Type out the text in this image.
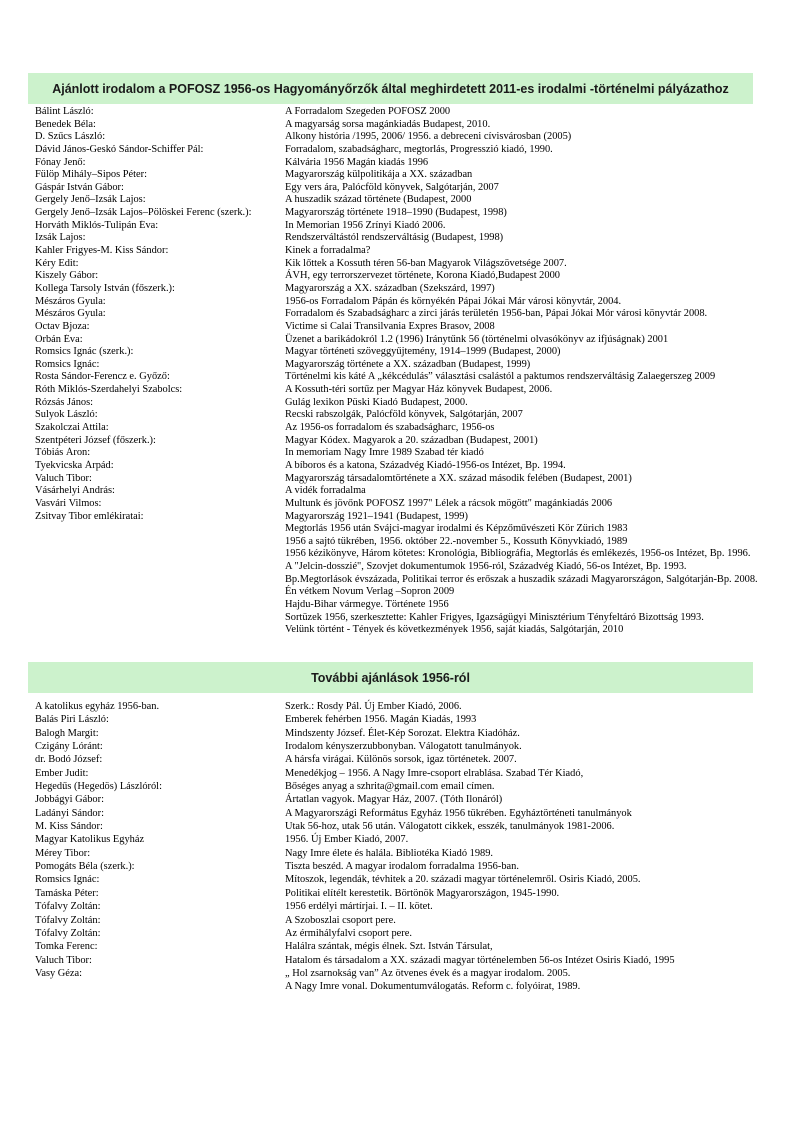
Ajánlott irodalom a POFOSZ 1956-os Hagyományőrzők által meghirdetett 2011-es irodalmi -történelmi pályázathoz
Bálint László:	A Forradalom Szegeden POFOSZ 2000
Benedek Béla:	A magyarság sorsa magánkiadás Budapest, 2010.
D. Szűcs László:	Alkony história /1995, 2006/ 1956. a debreceni cívisvárosban (2005)
Dávid János-Geskó Sándor-Schiffer Pál:	Forradalom, szabadságharc, megtorlás, Progresszió kiadó, 1990.
Fónay Jenő:	Kálvária 1956 Magán kiadás 1996
Fülöp Mihály–Sipos Péter:	Magyarország külpolitikája a XX. században
Gáspár István Gábor:	Egy vers ára, Palócföld könyvek, Salgótarján, 2007
Gergely Jenő–Izsák Lajos:	A huszadik század története (Budapest, 2000
Gergely Jenő–Izsák Lajos–Pölöskei Ferenc (szerk.):	Magyarország története 1918–1990 (Budapest, 1998)
Horváth Miklós-Tulipán Éva:	In Memorian 1956 Zrínyi Kiadó 2006.
Izsák Lajos:	Rendszerváltástól rendszerváltásig (Budapest, 1998)
Kahler Frigyes-M. Kiss Sándor:	Kinek a forradalma?
Kéry Edit:	Kik lőttek a Kossuth téren 56-ban Magyarok Világszövetsége 2007.
Kiszely Gábor:	ÁVH, egy terrorszervezet története, Korona Kiadó,Budapest 2000
Kollega Tarsoly István (főszerk.):	Magyarország a XX. században (Szekszárd, 1997)
Mészáros Gyula:	1956-os Forradalom Pápán és környékén Pápai Jókai Már városi könyvtár, 2004.
Mészáros Gyula:	Forradalom és Szabadságharc a zirci járás területén 1956-ban, Pápai Jókai Mór városi könyvtár 2008.
Octav Bjoza:	Victime si Calai Transilvania Expres Brasov, 2008
Orbán Éva:	Üzenet a barikádokról 1.2 (1996) Iránytűnk 56 (történelmi olvasókönyv az ifjúságnak) 2001
Romsics Ignác (szerk.):	Magyar történeti szöveggyűjtemény, 1914–1999 (Budapest, 2000)
Romsics Ignác:	Magyarország története a XX. században (Budapest, 1999)
Rosta Sándor-Ferencz e. Győző:	Történelmi kis káté A „kékcédulás” választási csalástól a paktumos rendszerváltásig Zalaegerszeg 2009
Róth Miklós-Szerdahelyi Szabolcs:	A Kossuth-téri sortűz per Magyar Ház könyvek Budapest, 2006.
Rózsás János:	Gulág lexikon Püski Kiadó Budapest, 2000.
Sulyok László:	Recski rabszolgák, Palócföld könyvek, Salgótarján, 2007
Szakolczai Attila:	Az 1956-os forradalom és szabadságharc, 1956-os
Szentpéteri József (főszerk.):	Magyar Kódex. Magyarok a 20. században (Budapest, 2001)
Tóbiás Áron:	In memoriam Nagy Imre 1989 Szabad tér kiadó
Tyekvicska Árpád:	A bíboros és a katona, Századvég Kiadó-1956-os Intézet, Bp. 1994.
Valuch Tibor:	Magyarország társadalomtörténete a XX. század második felében (Budapest, 2001)
Vásárhelyi András:	A vidék forradalma
Vasvári Vilmos:	Multunk és jövőnk POFOSZ 1997" Lélek a rácsok mögött" magánkiadás 2006
Zsitvay Tibor emlékiratai:	Magyarország 1921–1941 (Budapest, 1999)
Megtorlás 1956 után Svájci-magyar irodalmi és Képzőművészeti Kör Zürich 1983
1956 a sajtó tükrében, 1956. október 22.-november 5., Kossuth Könyvkiadó, 1989
1956 kézikönyve, Három kötetes: Kronológia, Bibliográfia, Megtorlás és emlékezés, 1956-os Intézet, Bp. 1996.
A "Jelcin-dosszié", Szovjet dokumentumok 1956-ról, Századvég Kiadó, 56-os Intézet, Bp. 1993.
Bp.Megtorlások évszázada, Politikai terror és erőszak a huszadik századi Magyarországon, Salgótarján-Bp. 2008.
Én vétkem Novum Verlag –Sopron 2009
Hajdu-Bihar vármegye. Története 1956
Sortüzek 1956, szerkesztette: Kahler Frigyes, Igazságügyi Minisztérium Tényfeltáró Bizottság 1993.
Velünk történt - Tények és következmények 1956, saját kiadás, Salgótarján, 2010
További ajánlások 1956-ról
A katolikus egyház 1956-ban.	Szerk.: Rosdy Pál. Új Ember Kiadó, 2006.
Balás Piri László:	Emberek fehérben 1956. Magán Kiadás, 1993
Balogh Margit:	Mindszenty József. Élet-Kép Sorozat. Elektra Kiadóház.
Czigány Lóránt:	Irodalom kényszerzubbonyban. Válogatott tanulmányok.
dr. Bodó József:	A hársfa virágai. Különös sorsok, igaz történetek. 2007.
Ember Judit:	Menedékjog – 1956. A Nagy Imre-csoport elrablása. Szabad Tér Kiadó,
Hegedűs (Hegedös) Lászlóról:	Bőséges anyag a szhrita@gmail.com email címen.
Jobbágyi Gábor:	Ártatlan vagyok. Magyar Ház, 2007. (Tóth Ilonáról)
Ladányi Sándor:	A Magyarországi Református Egyház 1956 tükrében. Egyháztörténeti tanulmányok
M. Kiss Sándor:	Utak 56-hoz, utak 56 után. Válogatott cikkek, esszék, tanulmányok 1981-2006.
Magyar Katolikus Egyház	1956. Új Ember Kiadó, 2007.
Mérey Tibor:	Nagy Imre élete és halála. Bibliotéka Kiadó 1989.
Pomogáts Béla (szerk.):	Tiszta beszéd. A magyar irodalom forradalma 1956-ban.
Romsics Ignác:	Mítoszok, legendák, tévhitek a 20. századi magyar történelemről. Osiris Kiadó, 2005.
Tamáska Péter:	Politikai elítélt kerestetik. Börtönök Magyarországon, 1945-1990.
Tófalvy Zoltán:	1956 erdélyi mártírjai. I. – II. kötet.
Tófalvy Zoltán:	A Szoboszlai csoport pere.
Tófalvy Zoltán:	Az érmihályfalvi csoport pere.
Tomka Ferenc:	Halálra szántak, mégis élnek. Szt. István Társulat,
Valuch Tibor:	Hatalom és társadalom a XX. századi magyar történelemben 56-os Intézet Osiris Kiadó, 1995
Vasy Géza:	„ Hol zsarnokság van” Az ötvenes évek és a magyar irodalom. 2005.
A Nagy Imre vonal. Dokumentumválogatás. Reform c. folyóirat, 1989.
